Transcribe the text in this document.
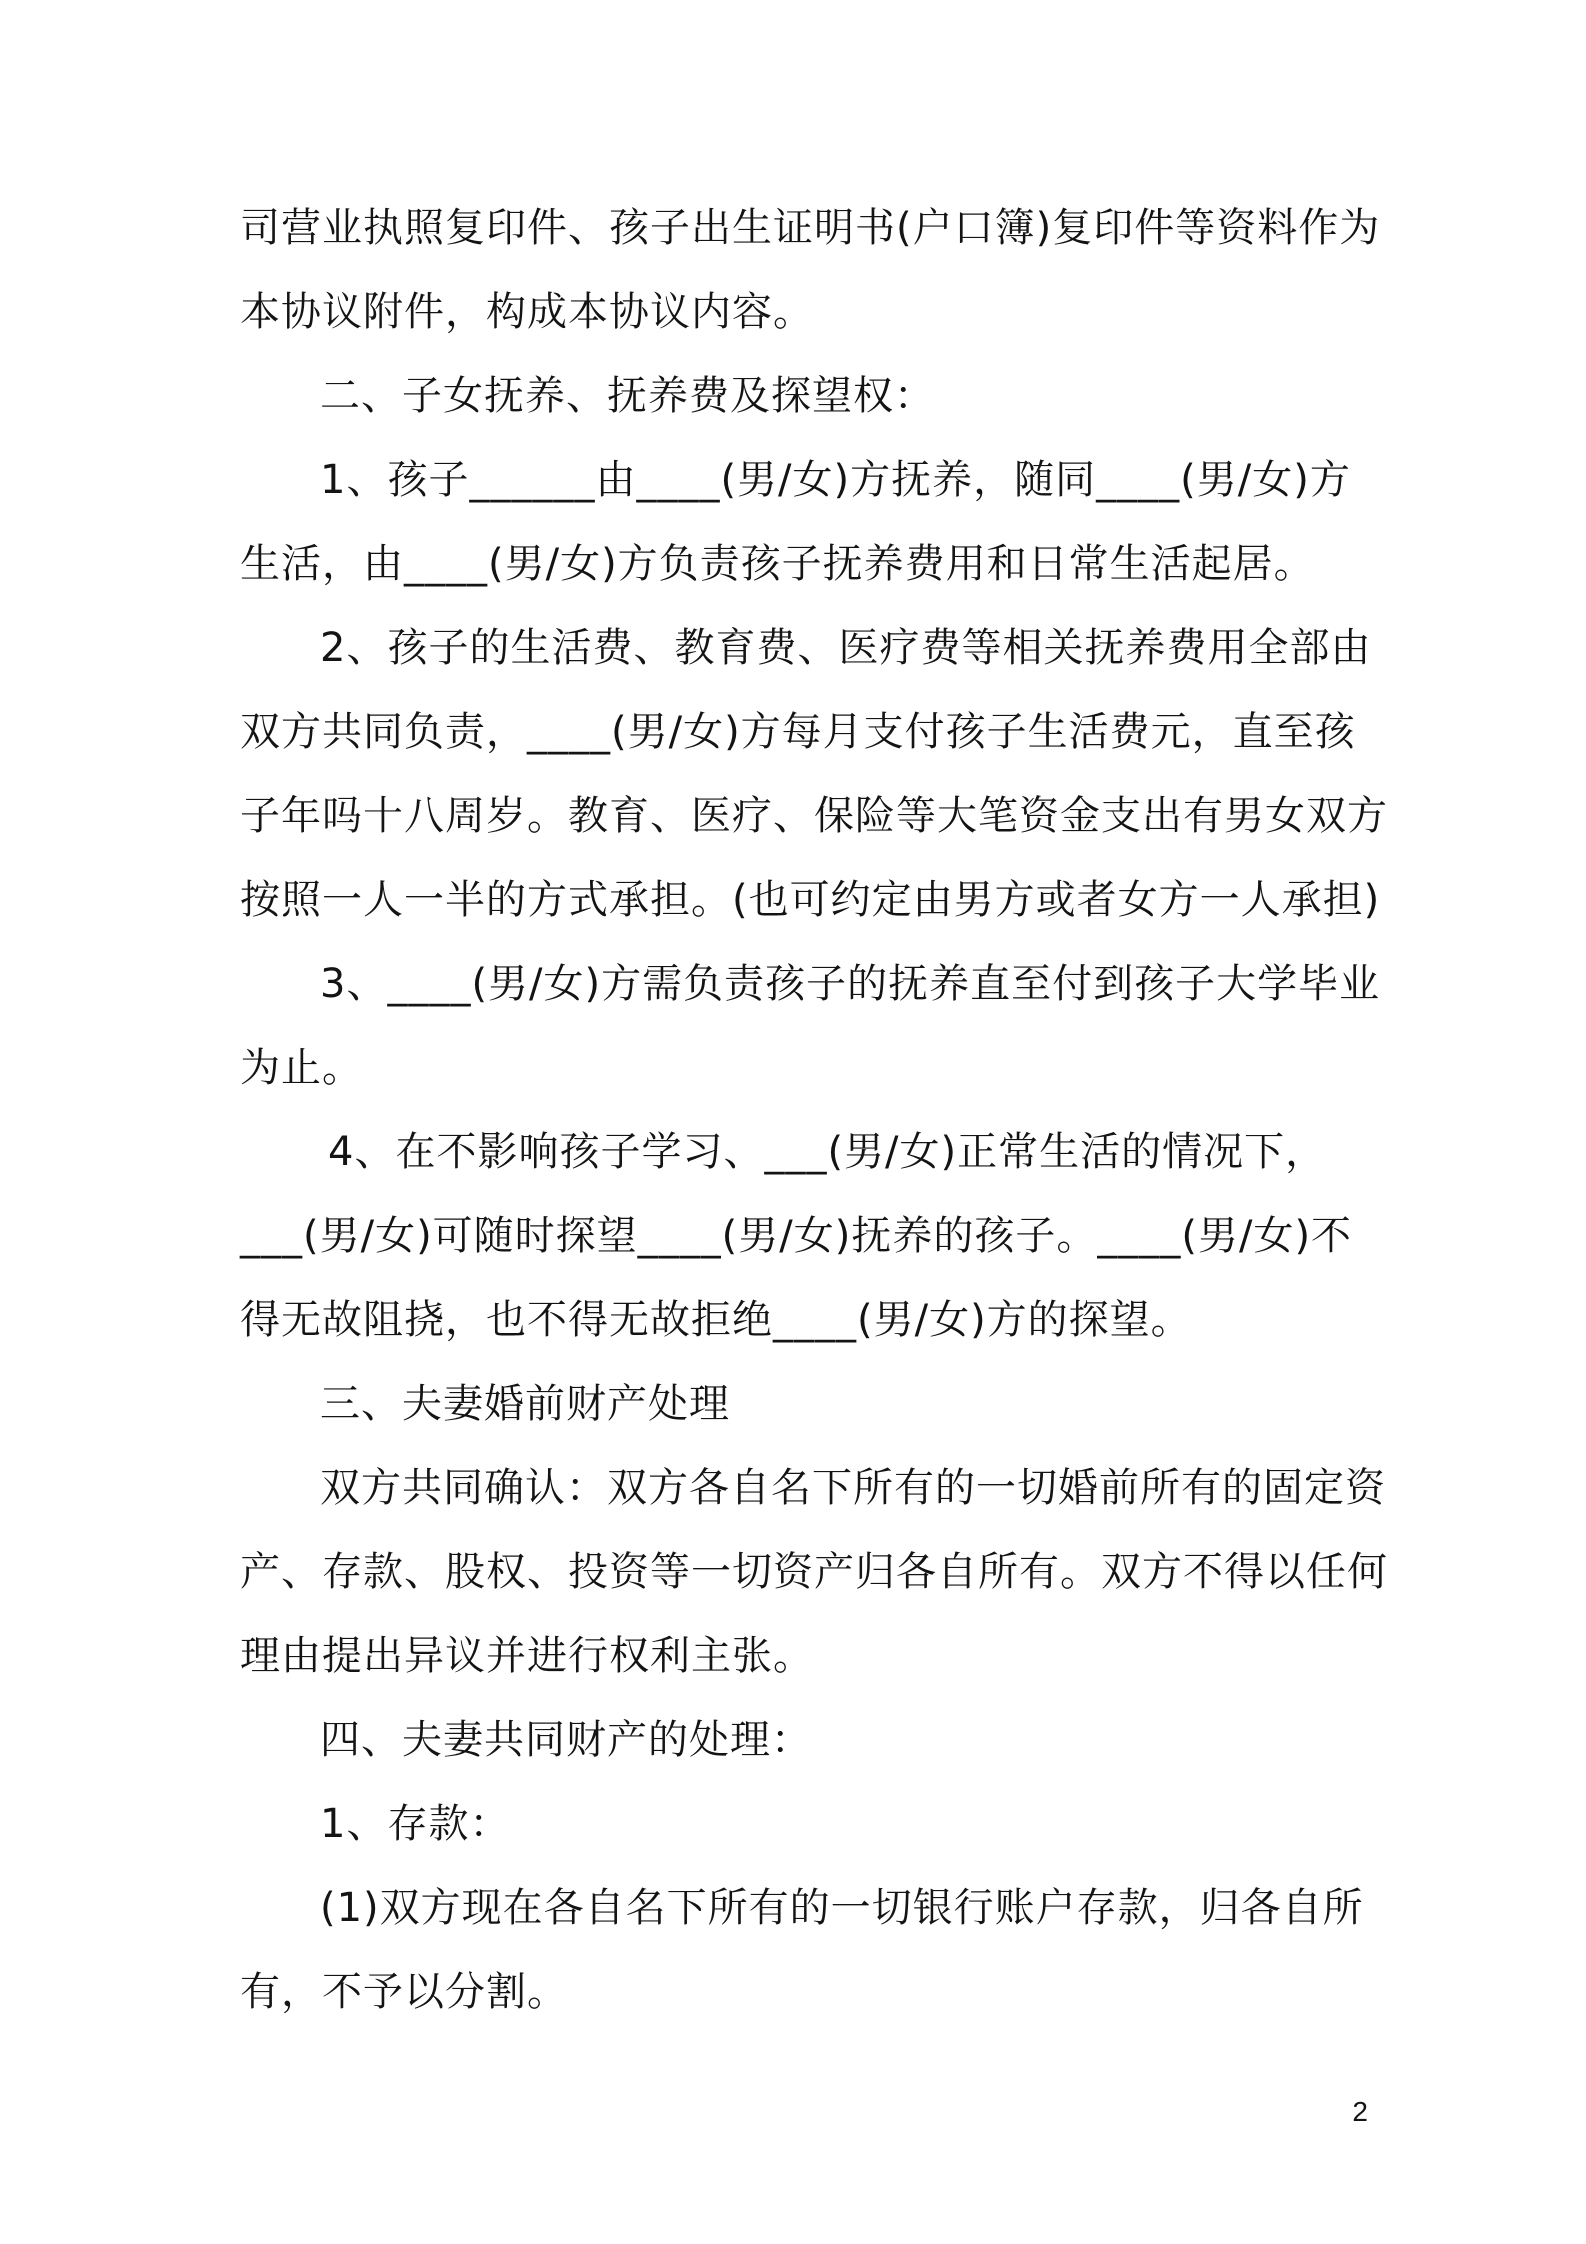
司营业执照复印件、孩子出生证明书(户口簿)复印件等资料作为
本协议附件，构成本协议内容。
二、子女抚养、抚养费及探望权：
1、孩子______由____(男/女)方抚养，随同____(男/女)方
生活，由____(男/女)方负责孩子抚养费用和日常生活起居。
2、孩子的生活费、教育费、医疗费等相关抚养费用全部由
双方共同负责，____(男/女)方每月支付孩子生活费元，直至孩
子年吗十八周岁。教育、医疗、保险等大笔资金支出有男女双方
按照一人一半的方式承担。(也可约定由男方或者女方一人承担)
3、____(男/女)方需负责孩子的抚养直至付到孩子大学毕业
为止。
4、在不影响孩子学习、___(男/女)正常生活的情况下，
___(男/女)可随时探望____(男/女)抚养的孩子。____(男/女)不
得无故阻挠，也不得无故拒绝____(男/女)方的探望。
三、夫妻婚前财产处理
双方共同确认：双方各自名下所有的一切婚前所有的固定资
产、存款、股权、投资等一切资产归各自所有。双方不得以任何
理由提出异议并进行权利主张。
四、夫妻共同财产的处理：
1、存款：
(1)双方现在各自名下所有的一切银行账户存款，归各自所
有，不予以分割。
2
